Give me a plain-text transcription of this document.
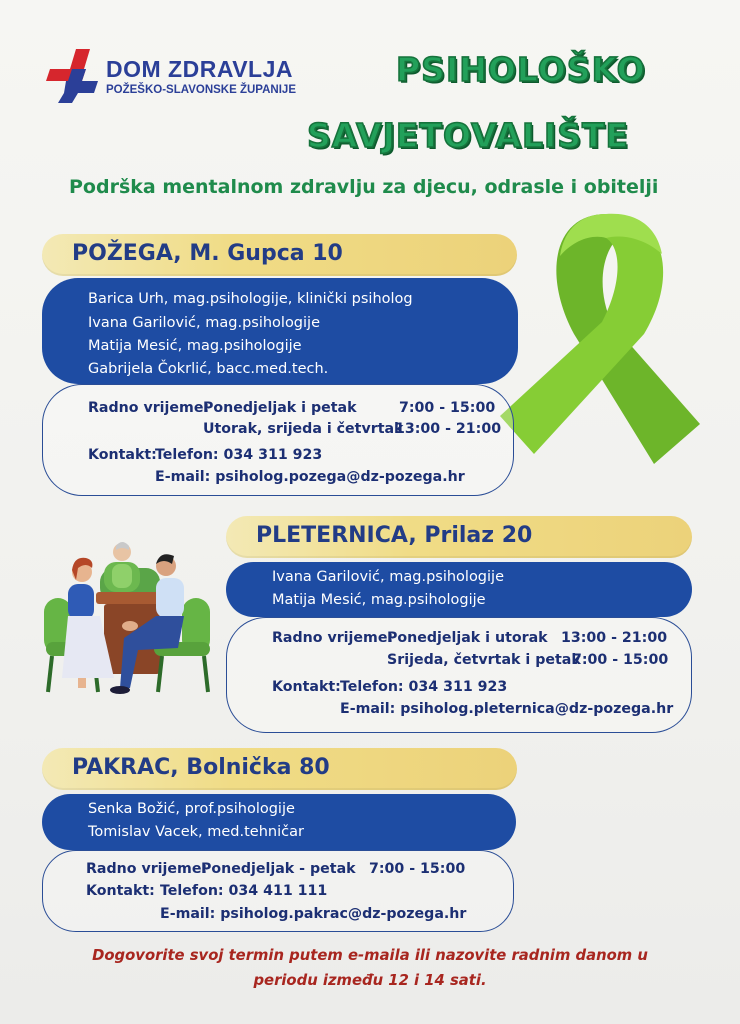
DOM ZDRAVLJA
POŽEŠKO-SLAVONSKE ŽUPANIJE
PSIHOLOŠKO
SAVJETOVALIŠTE
Podrška mentalnom zdravlju za djecu, odrasle i obitelji
POŽEGA, M. Gupca 10
Barica Urh, mag.psihologije, klinički psiholog
Ivana Garilović, mag.psihologije
Matija Mesić, mag.psihologije
Gabrijela Čokrlić, bacc.med.tech.
Radno vrijeme:
Ponedjeljak i petak	7:00 - 15:00
Utorak, srijeda i četvrtak
13:00 - 21:00
Kontakt:
Telefon: 034 311 923
E-mail: psiholog.pozega@dz-pozega.hr
PLETERNICA, Prilaz 20
Ivana Garilović, mag.psihologije
Matija Mesić, mag.psihologije
Radno vrijeme:
Ponedjeljak i utorak 13:00 - 21:00
Srijeda, četvrtak i petak
7:00 - 15:00
Kontakt: Telefon: 034 311 923
E-mail: psiholog.pleternica@dz-pozega.hr
PAKRAC, Bolnička 80
Senka Božić, prof.psihologije
Tomislav Vacek, med.tehničar
Radno vrijeme:
Ponedjeljak - petak 7:00 - 15:00
Kontakt: Telefon: 034 411 111
E-mail: psiholog.pakrac@dz-pozega.hr
Dogovorite svoj termin putem e-maila ili nazovite radnim danom u
periodu između 12 i 14 sati.
